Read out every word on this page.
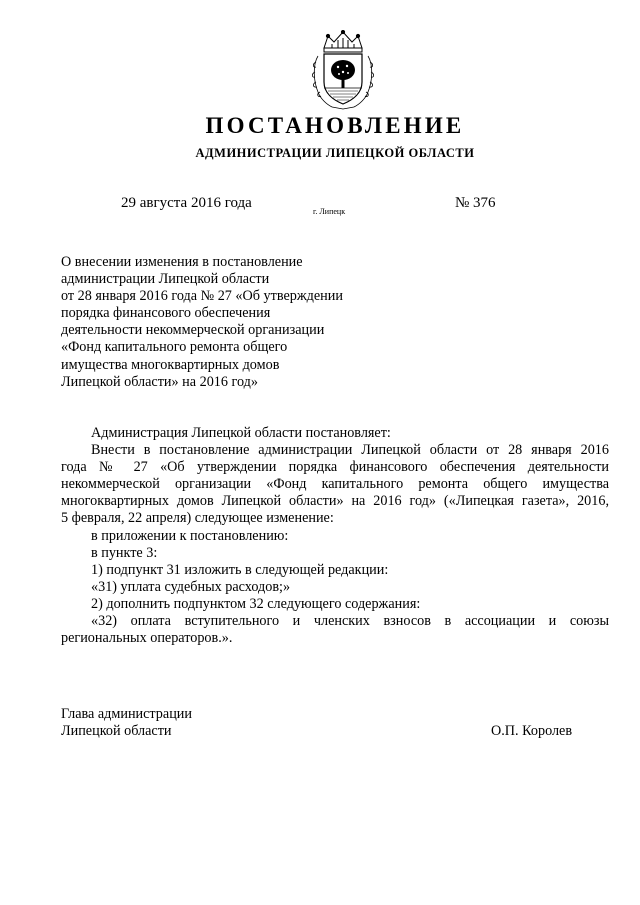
ПОСТАНОВЛЕНИЕ
АДМИНИСТРАЦИИ ЛИПЕЦКОЙ ОБЛАСТИ
29 августа 2016 года
г. Липецк
№ 376
О внесении изменения в постановление
администрации Липецкой области
от 28 января 2016 года № 27 «Об утверждении
порядка финансового обеспечения
деятельности некоммерческой организации
«Фонд капитального ремонта общего
имущества многоквартирных домов
Липецкой области» на 2016 год»
Администрация Липецкой области постановляет:
Внести в постановление администрации Липецкой области от 28 января 2016
года № 27 «Об утверждении порядка финансового обеспечения деятельности
некоммерческой организации «Фонд капитального ремонта общего имущества
многоквартирных домов Липецкой области» на 2016 год» («Липецкая газета», 2016,
5 февраля, 22 апреля) следующее изменение:
в приложении к постановлению:
в пункте 3:
1) подпункт 31 изложить в следующей редакции:
«31) уплата судебных расходов;»
2) дополнить подпунктом 32 следующего содержания:
«32) оплата вступительного и членских взносов в ассоциации и союзы
региональных операторов.».
Глава администрации
Липецкой области	О.П. Королев
